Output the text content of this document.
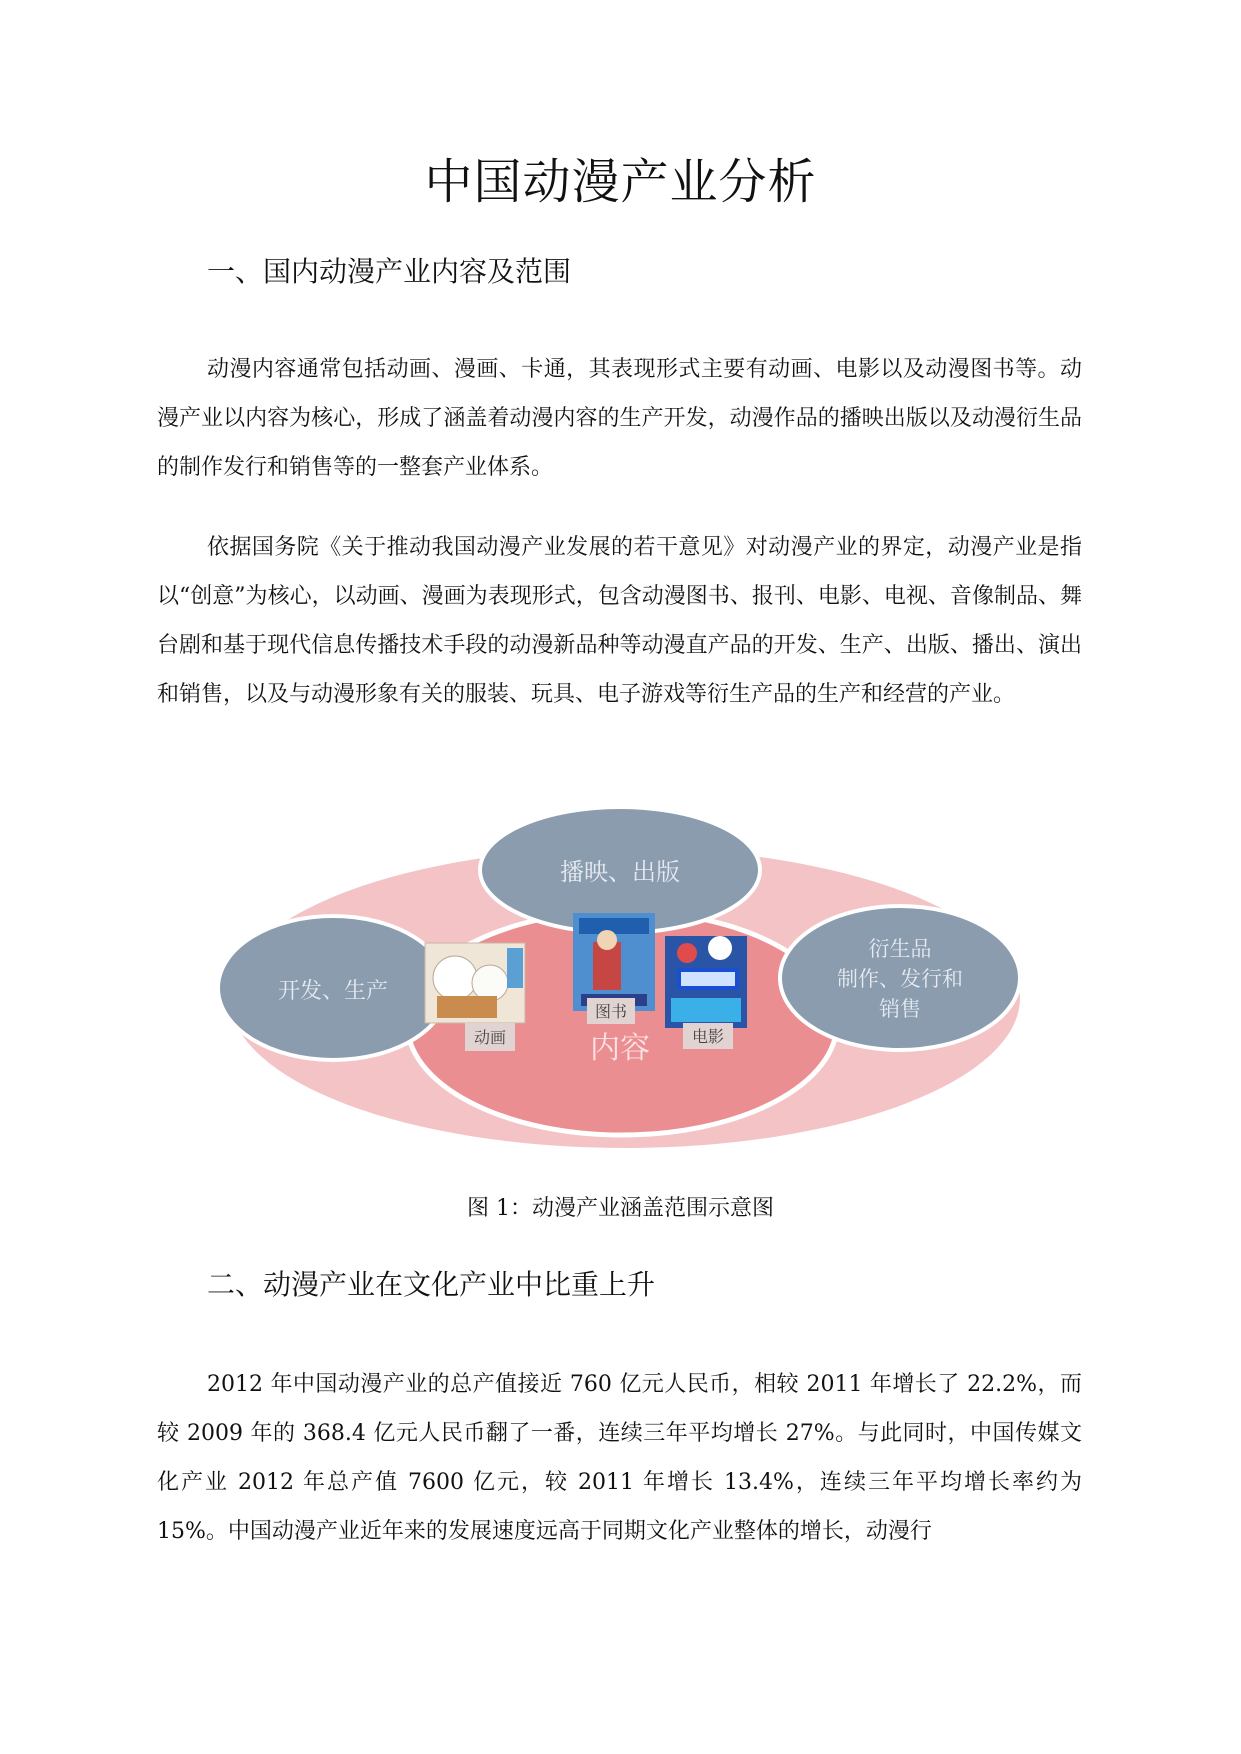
中国动漫产业分析
一、国内动漫产业内容及范围

动漫内容通常包括动画、漫画、卡通，其表现形式主要有动画、电影以及动漫图书等。动漫产业以内容为核心，形成了涵盖着动漫内容的生产开发，动漫作品的播映出版以及动漫衍生品的制作发行和销售等的一整套产业体系。

依据国务院《关于推动我国动漫产业发展的若干意见》对动漫产业的界定，动漫产业是指以“创意”为核心，以动画、漫画为表现形式，包含动漫图书、报刊、电影、电视、音像制品、舞台剧和基于现代信息传播技术手段的动漫新品种等动漫直产品的开发、生产、出版、播出、演出和销售，以及与动漫形象有关的服装、玩具、电子游戏等衍生产品的生产和经营的产业。

播映、出版
开发、生产
衍生品
制作、发行和
销售
动画
图书
电影
内容

图 1：动漫产业涵盖范围示意图

二、动漫产业在文化产业中比重上升

2012 年中国动漫产业的总产值接近 760 亿元人民币，相较 2011 年增长了 22.2%，而较 2009 年的 368.4 亿元人民币翻了一番，连续三年平均增长 27%。与此同时，中国传媒文化产业 2012 年总产值 7600 亿元，较 2011 年增长 13.4%，连续三年平均增长率约为 15%。中国动漫产业近年来的发展速度远高于同期文化产业整体的增长，动漫行
